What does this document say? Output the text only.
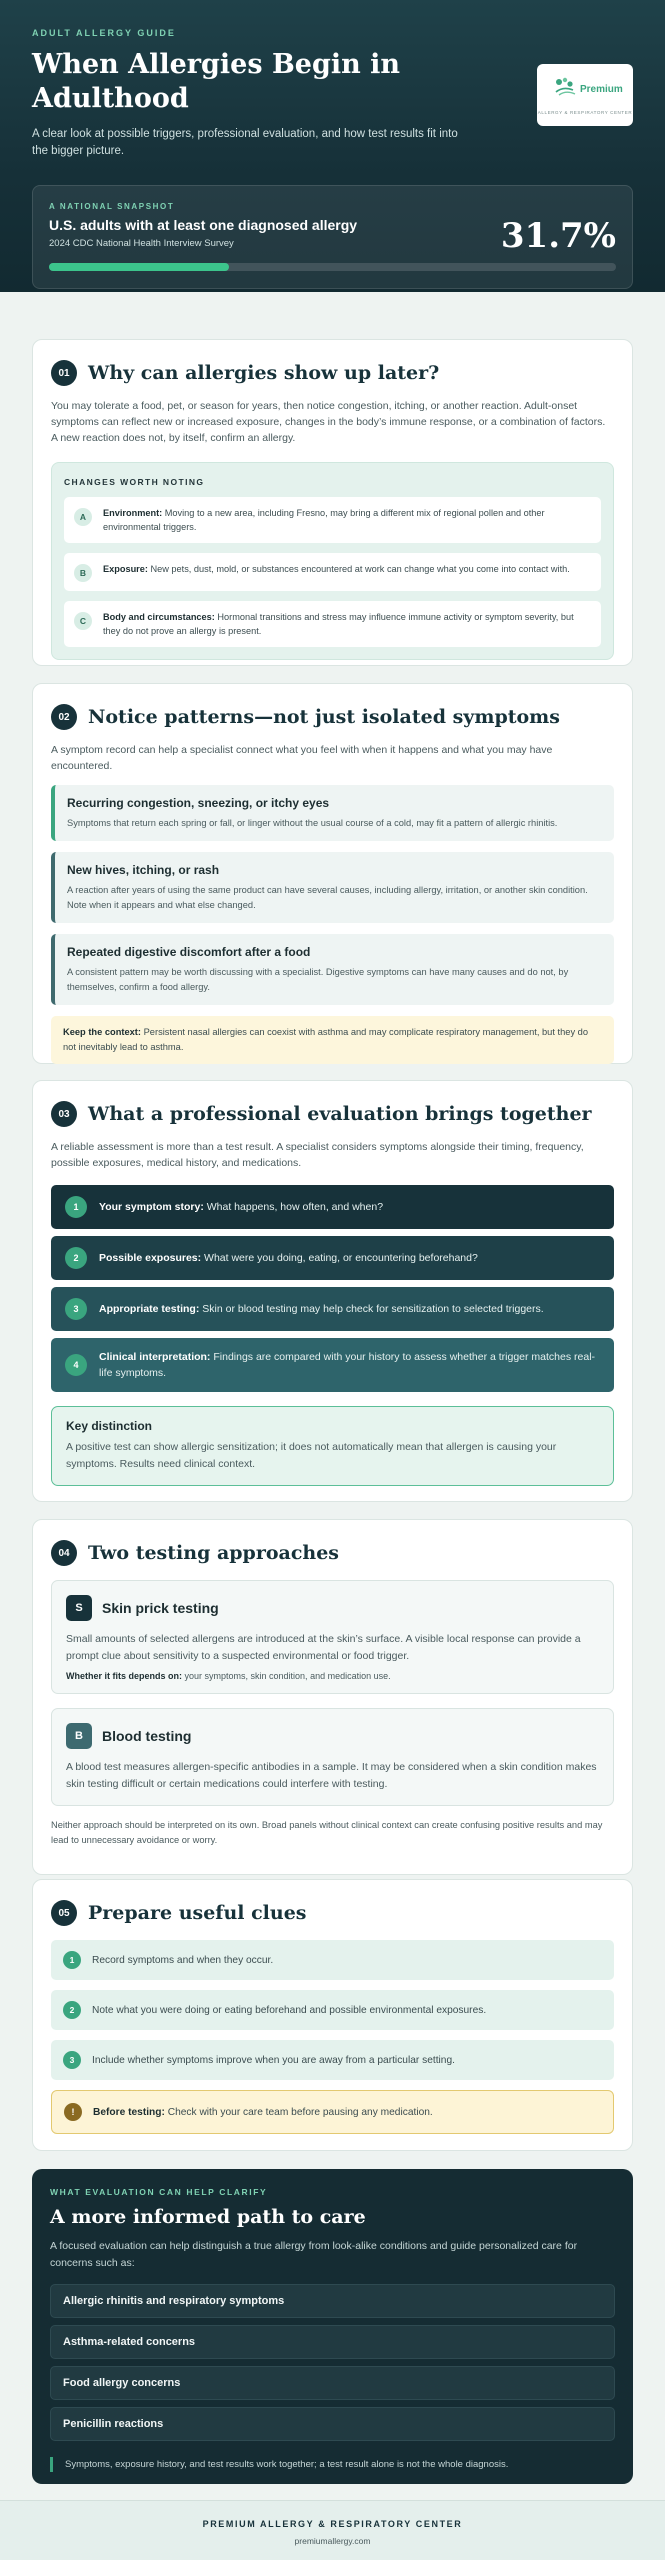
ADULT ALLERGY GUIDE
When Allergies Begin in Adulthood

A clear look at possible triggers, professional evaluation, and how test results fit into the bigger picture.

Premium
ALLERGY & RESPIRATORY CENTER
A NATIONAL SNAPSHOT
U.S. adults with at least one diagnosed allergy
2024 CDC National Health Interview Survey	31.7%
01 Why can allergies show up later?

You may tolerate a food, pet, or season for years, then notice congestion, itching, or another reaction. Adult-onset symptoms can reflect new or increased exposure, changes in the body’s immune response, or a combination of factors. A new reaction does not, by itself, confirm an allergy.

CHANGES WORTH NOTING
A	Environment: Moving to a new area, including Fresno, may bring a different mix of regional pollen and other environmental triggers.
B	Exposure: New pets, dust, mold, or substances encountered at work can change what you come into contact with.
C	Body and circumstances: Hormonal transitions and stress may influence immune activity or symptom severity, but they do not prove an allergy is present.
02 Notice patterns—not just isolated symptoms

A symptom record can help a specialist connect what you feel with when it happens and what you may have encountered.

Recurring congestion, sneezing, or itchy eyes
Symptoms that return each spring or fall, or linger without the usual course of a cold, may fit a pattern of allergic rhinitis.
New hives, itching, or rash
A reaction after years of using the same product can have several causes, including allergy, irritation, or another skin condition. Note when it appears and what else changed.
Repeated digestive discomfort after a food
A consistent pattern may be worth discussing with a specialist. Digestive symptoms can have many causes and do not, by themselves, confirm a food allergy.
Keep the context: Persistent nasal allergies can coexist with asthma and may complicate respiratory management, but they do not inevitably lead to asthma.
03 What a professional evaluation brings together

A reliable assessment is more than a test result. A specialist considers symptoms alongside their timing, frequency, possible exposures, medical history, and medications.

1	Your symptom story: What happens, how often, and when?
2	Possible exposures: What were you doing, eating, or encountering beforehand?
3	Appropriate testing: Skin or blood testing may help check for sensitization to selected triggers.
4
Clinical interpretation: Findings are compared with your history to assess whether a trigger matches real-life symptoms.
Key distinction
A positive test can show allergic sensitization; it does not automatically mean that allergen is causing your symptoms. Results need clinical context.
04 Two testing approaches
S	Skin prick testing
Small amounts of selected allergens are introduced at the skin’s surface. A visible local response can provide a prompt clue about sensitivity to a suspected environmental or food trigger.
Whether it fits depends on: your symptoms, skin condition, and medication use.
B	Blood testing
A blood test measures allergen-specific antibodies in a sample. It may be considered when a skin condition makes skin testing difficult or certain medications could interfere with testing.

Neither approach should be interpreted on its own. Broad panels without clinical context can create confusing positive results and may lead to unnecessary avoidance or worry.

05 Prepare useful clues
1	Record symptoms and when they occur.
2	Note what you were doing or eating beforehand and possible environmental exposures.
3	Include whether symptoms improve when you are away from a particular setting.
!	Before testing: Check with your care team before pausing any medication.
WHAT EVALUATION CAN HELP CLARIFY
A more informed path to care

A focused evaluation can help distinguish a true allergy from look-alike conditions and guide personalized care for concerns such as:

Allergic rhinitis and respiratory symptoms
Asthma-related concerns
Food allergy concerns
Penicillin reactions
Symptoms, exposure history, and test results work together; a test result alone is not the whole diagnosis.
PREMIUM ALLERGY & RESPIRATORY CENTER
premiumallergy.com
